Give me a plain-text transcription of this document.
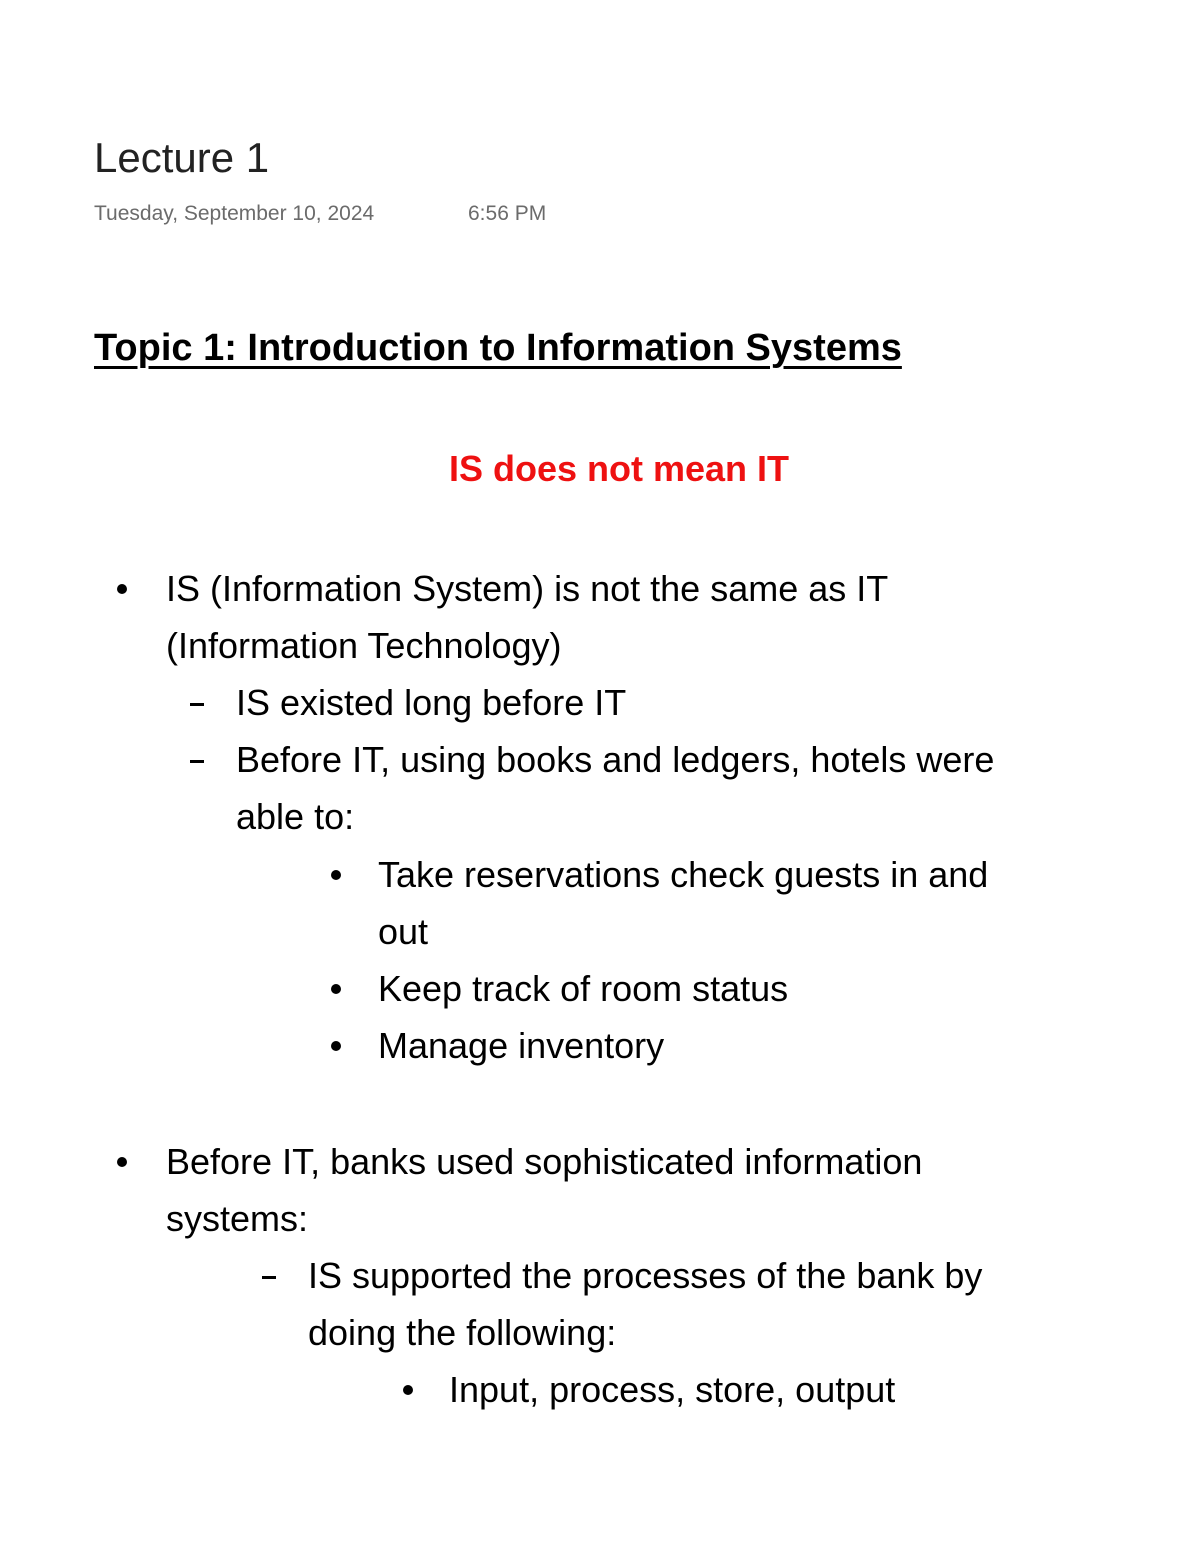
Lecture 1
Tuesday, September 10, 2024	6:56 PM
Topic 1: Introduction to Information Systems
IS does not mean IT
IS (Information System) is not the same as IT
(Information Technology)
IS existed long before IT
Before IT, using books and ledgers, hotels were
able to:
Take reservations check guests in and
out
Keep track of room status
Manage inventory
Before IT, banks used sophisticated information
systems:
IS supported the processes of the bank by
doing the following:
Input, process, store, output
